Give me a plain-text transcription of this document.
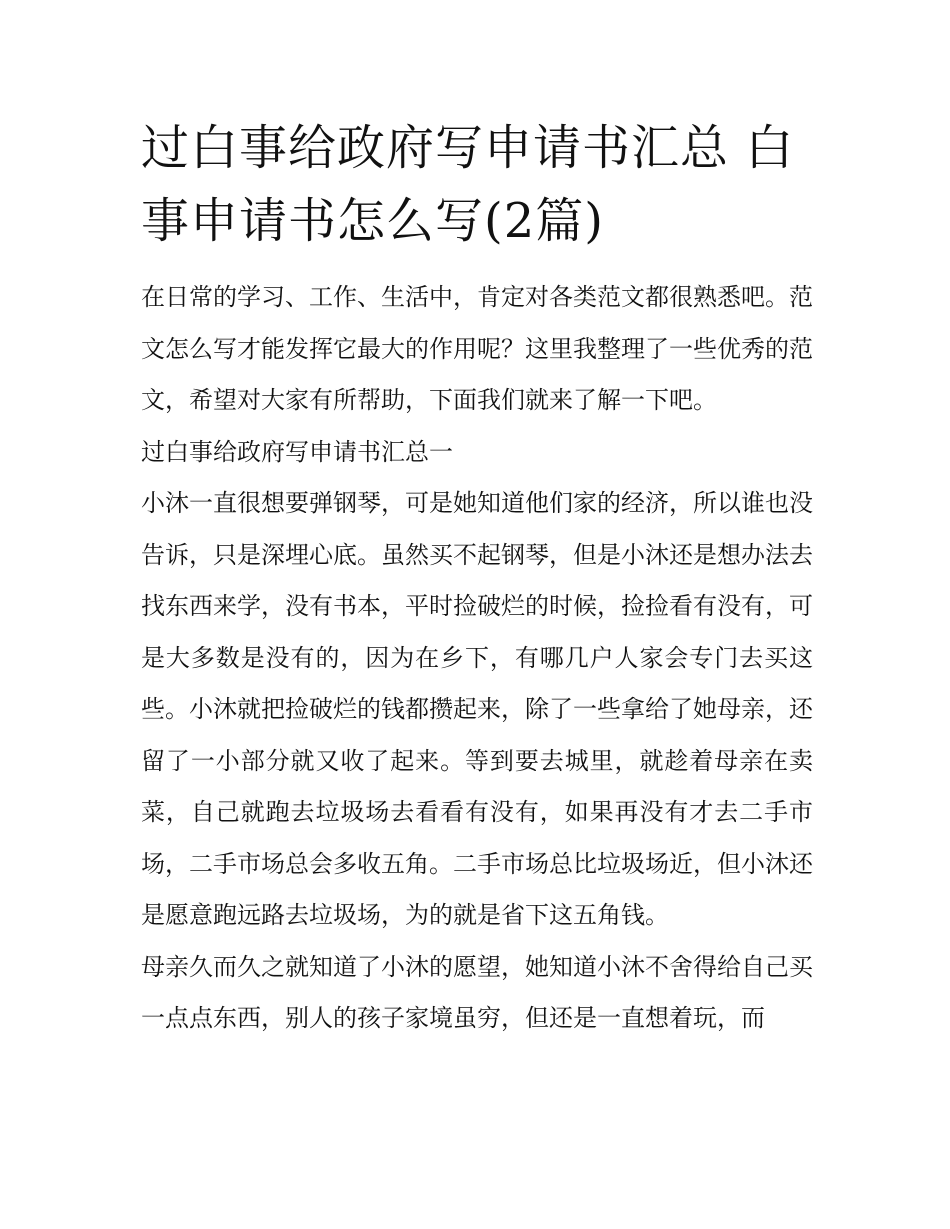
过白事给政府写申请书汇总 白事申请书怎么写(2篇)

在日常的学习、工作、生活中，肯定对各类范文都很熟悉吧。范文怎么写才能发挥它最大的作用呢？这里我整理了一些优秀的范文，希望对大家有所帮助，下面我们就来了解一下吧。

过白事给政府写申请书汇总一

小沐一直很想要弹钢琴，可是她知道他们家的经济，所以谁也没告诉，只是深埋心底。虽然买不起钢琴，但是小沐还是想办法去找东西来学，没有书本，平时捡破烂的时候，捡捡看有没有，可是大多数是没有的，因为在乡下，有哪几户人家会专门去买这些。小沐就把捡破烂的钱都攒起来，除了一些拿给了她母亲，还留了一小部分就又收了起来。等到要去城里，就趁着母亲在卖菜，自己就跑去垃圾场去看看有没有，如果再没有才去二手市场，二手市场总会多收五角。二手市场总比垃圾场近，但小沐还是愿意跑远路去垃圾场，为的就是省下这五角钱。

母亲久而久之就知道了小沐的愿望，她知道小沐不舍得给自己买一点点东西，别人的孩子家境虽穷，但还是一直想着玩，而
